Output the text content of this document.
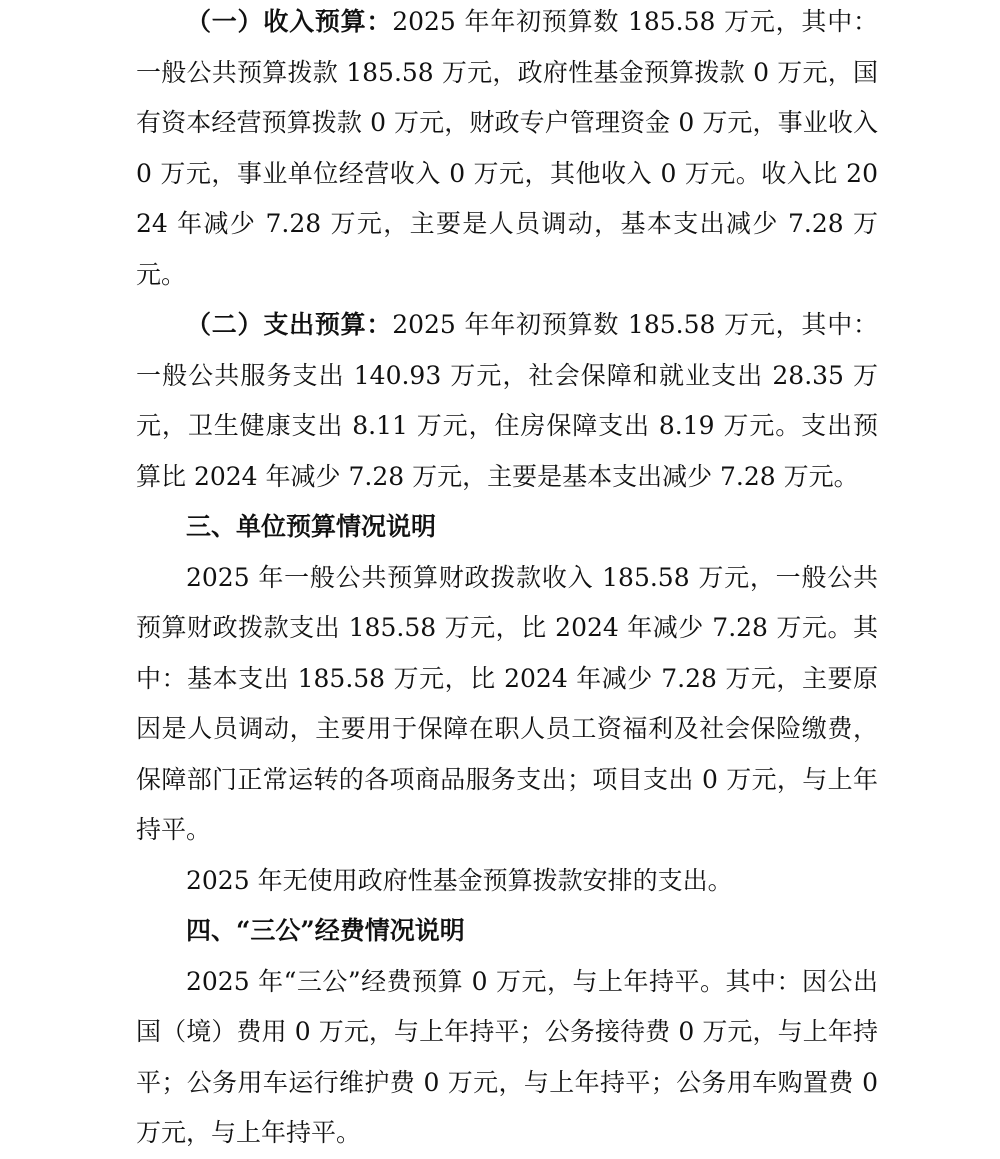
（一）收入预算：2025 年年初预算数 185.58 万元，其中：一般公共预算拨款 185.58 万元，政府性基金预算拨款 0 万元，国有资本经营预算拨款 0 万元，财政专户管理资金 0 万元，事业收入 0 万元，事业单位经营收入 0 万元，其他收入 0 万元。收入比 2024 年减少 7.28 万元，主要是人员调动，基本支出减少 7.28 万元。

（二）支出预算：2025 年年初预算数 185.58 万元，其中：一般公共服务支出 140.93 万元，社会保障和就业支出 28.35 万元，卫生健康支出 8.11 万元，住房保障支出 8.19 万元。支出预算比 2024 年减少 7.28 万元，主要是基本支出减少 7.28 万元。

三、单位预算情况说明

2025 年一般公共预算财政拨款收入 185.58 万元，一般公共预算财政拨款支出 185.58 万元，比 2024 年减少 7.28 万元。其中：基本支出 185.58 万元，比 2024 年减少 7.28 万元，主要原因是人员调动，主要用于保障在职人员工资福利及社会保险缴费，保障部门正常运转的各项商品服务支出；项目支出 0 万元，与上年持平。

2025 年无使用政府性基金预算拨款安排的支出。

四、“三公”经费情况说明

2025 年“三公”经费预算 0 万元，与上年持平。其中：因公出国（境）费用 0 万元，与上年持平；公务接待费 0 万元，与上年持平；公务用车运行维护费 0 万元，与上年持平；公务用车购置费 0 万元，与上年持平。
